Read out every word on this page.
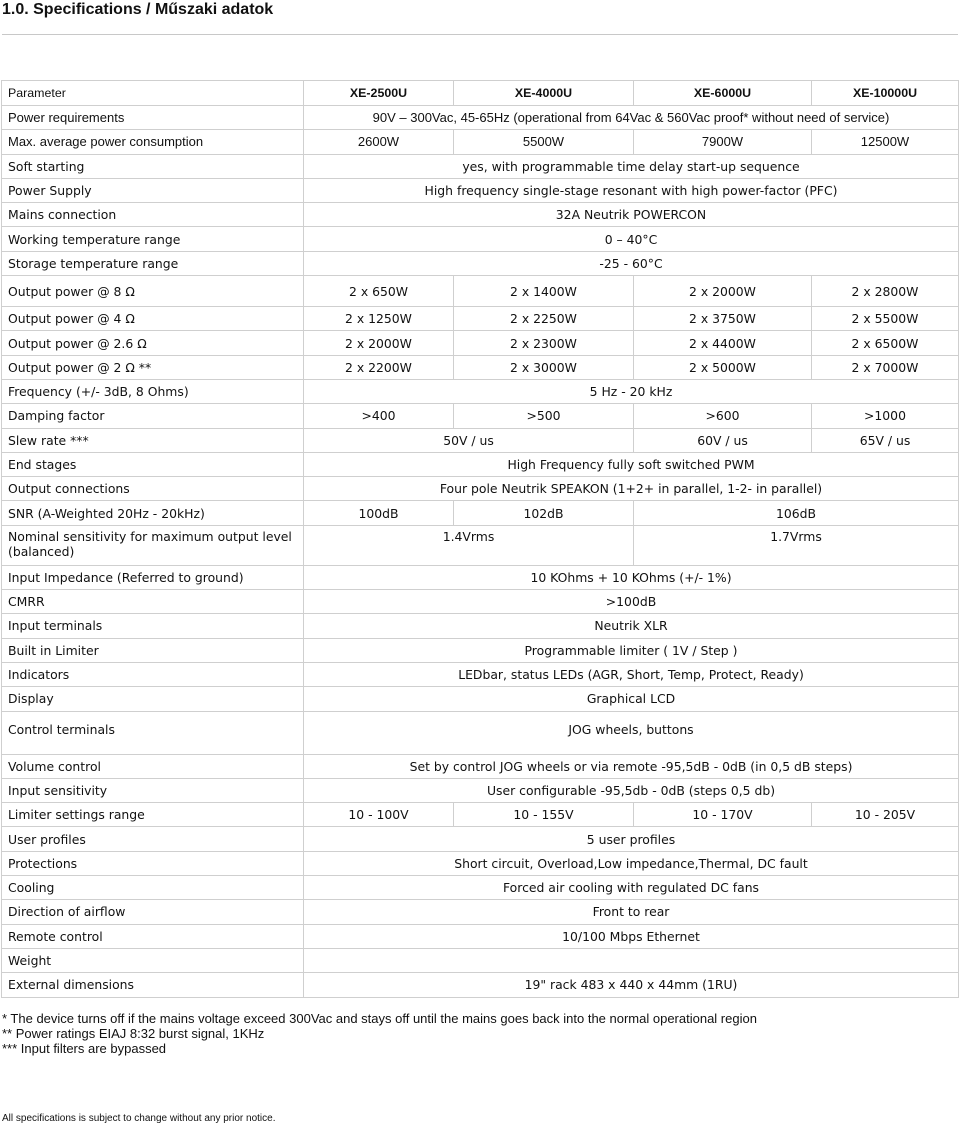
1.0. Specifications / Műszaki adatok
Parameter	XE-2500U	XE-4000U	XE-6000U	XE-10000U
Power requirements	90V – 300Vac, 45-65Hz (operational from 64Vac & 560Vac proof* without need of service)			
Max. average power consumption	2600W	5500W	7900W	12500W
Soft starting	yes, with programmable time delay start-up sequence			
Power Supply	High frequency single-stage resonant with high power-factor (PFC)			
Mains connection	32A Neutrik POWERCON			
Working temperature range	0 – 40°C			
Storage temperature range	-25 - 60°C			
Output power @ 8 Ω	2 x 650W	2 x 1400W	2 x 2000W	2 x 2800W
Output power @ 4 Ω	2 x 1250W	2 x 2250W	2 x 3750W	2 x 5500W
Output power @ 2.6 Ω	2 x 2000W	2 x 2300W	2 x 4400W	2 x 6500W
Output power @ 2 Ω **	2 x 2200W	2 x 3000W	2 x 5000W	2 x 7000W
Frequency (+/- 3dB, 8 Ohms)	5 Hz - 20 kHz			
Damping factor	>400	>500	>600	>1000
Slew rate ***	50V / us		60V / us	65V / us
End stages	High Frequency fully soft switched PWM			
Output connections	Four pole Neutrik SPEAKON (1+2+ in parallel, 1-2- in parallel)			
SNR (A-Weighted 20Hz - 20kHz)	100dB	102dB	106dB	
Nominal sensitivity for maximum output level (balanced)	1.4Vrms		1.7Vrms	
Input Impedance (Referred to ground)	10 KOhms + 10 KOhms (+/- 1%)			
CMRR	>100dB			
Input terminals	Neutrik XLR			
Built in Limiter	Programmable limiter ( 1V / Step )			
Indicators	LEDbar, status LEDs (AGR, Short, Temp, Protect, Ready)			
Display	Graphical LCD			
Control terminals	JOG wheels, buttons			
Volume control	Set by control JOG wheels or via remote -95,5dB - 0dB (in 0,5 dB steps)			
Input sensitivity	User configurable -95,5db - 0dB (steps 0,5 db)			
Limiter settings range	10 - 100V	10 - 155V	10 - 170V	10 - 205V
User profiles	5 user profiles			
Protections	Short circuit, Overload,Low impedance,Thermal, DC fault			
Cooling	Forced air cooling with regulated DC fans			
Direction of airflow	Front to rear			
Remote control	10/100 Mbps Ethernet			
Weight				
External dimensions	19" rack 483 x 440 x 44mm (1RU)			
* The device turns off if the mains voltage exceed 300Vac and stays off until the mains goes back into the normal operational region
** Power ratings EIAJ 8:32 burst signal, 1KHz
*** Input filters are bypassed
All specifications is subject to change without any prior notice.
